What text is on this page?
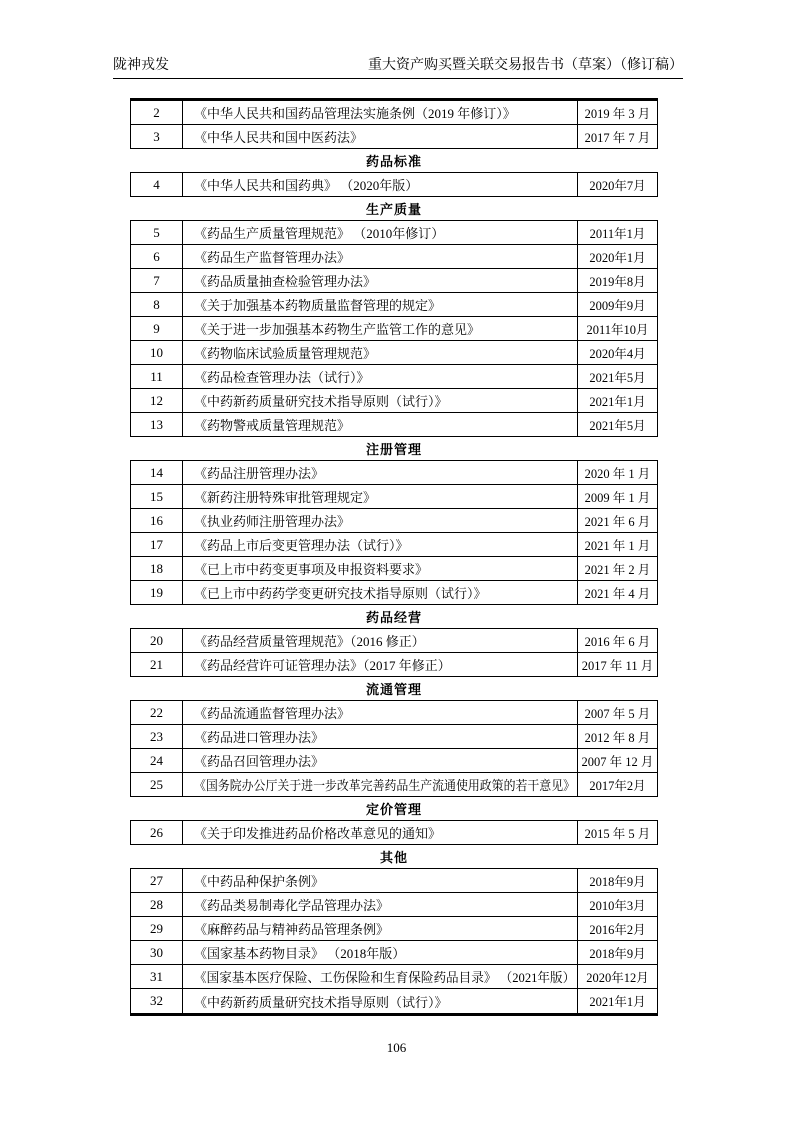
陇神戎发	重大资产购买暨关联交易报告书（草案）（修订稿）
2	《中华人民共和国药品管理法实施条例（2019 年修订）》	2019 年 3 月
3	《中华人民共和国中医药法》	2017 年 7 月
药品标准
4	《中华人民共和国药典》 （2020年版）	2020年7月
生产质量
5	《药品生产质量管理规范》 （2010年修订）	2011年1月
6	《药品生产监督管理办法》	2020年1月
7	《药品质量抽查检验管理办法》	2019年8月
8	《关于加强基本药物质量监督管理的规定》	2009年9月
9	《关于进一步加强基本药物生产监管工作的意见》	2011年10月
10	《药物临床试验质量管理规范》	2020年4月
11	《药品检查管理办法（试行）》	2021年5月
12	《中药新药质量研究技术指导原则（试行）》	2021年1月
13	《药物警戒质量管理规范》	2021年5月
注册管理
14	《药品注册管理办法》	2020 年 1 月
15	《新药注册特殊审批管理规定》	2009 年 1 月
16	《执业药师注册管理办法》	2021 年 6 月
17	《药品上市后变更管理办法（试行）》	2021 年 1 月
18	《已上市中药变更事项及申报资料要求》	2021 年 2 月
19	《已上市中药药学变更研究技术指导原则（试行）》	2021 年 4 月
药品经营
20	《药品经营质量管理规范》（2016 修正）	2016 年 6 月
21	《药品经营许可证管理办法》（2017 年修正）	2017 年 11 月
流通管理
22	《药品流通监督管理办法》	2007 年 5 月
23	《药品进口管理办法》	2012 年 8 月
24	《药品召回管理办法》	2007 年 12 月
25	《国务院办公厅关于进一步改革完善药品生产流通使用政策的若干意见》	2017年2月
定价管理
26	《关于印发推进药品价格改革意见的通知》	2015 年 5 月
其他
27	《中药品种保护条例》	2018年9月
28	《药品类易制毒化学品管理办法》	2010年3月
29	《麻醉药品与精神药品管理条例》	2016年2月
30	《国家基本药物目录》 （2018年版）	2018年9月
31	《国家基本医疗保险、工伤保险和生育保险药品目录》 （2021年版） 2020年12月
32	《中药新药质量研究技术指导原则（试行）》	2021年1月
106
